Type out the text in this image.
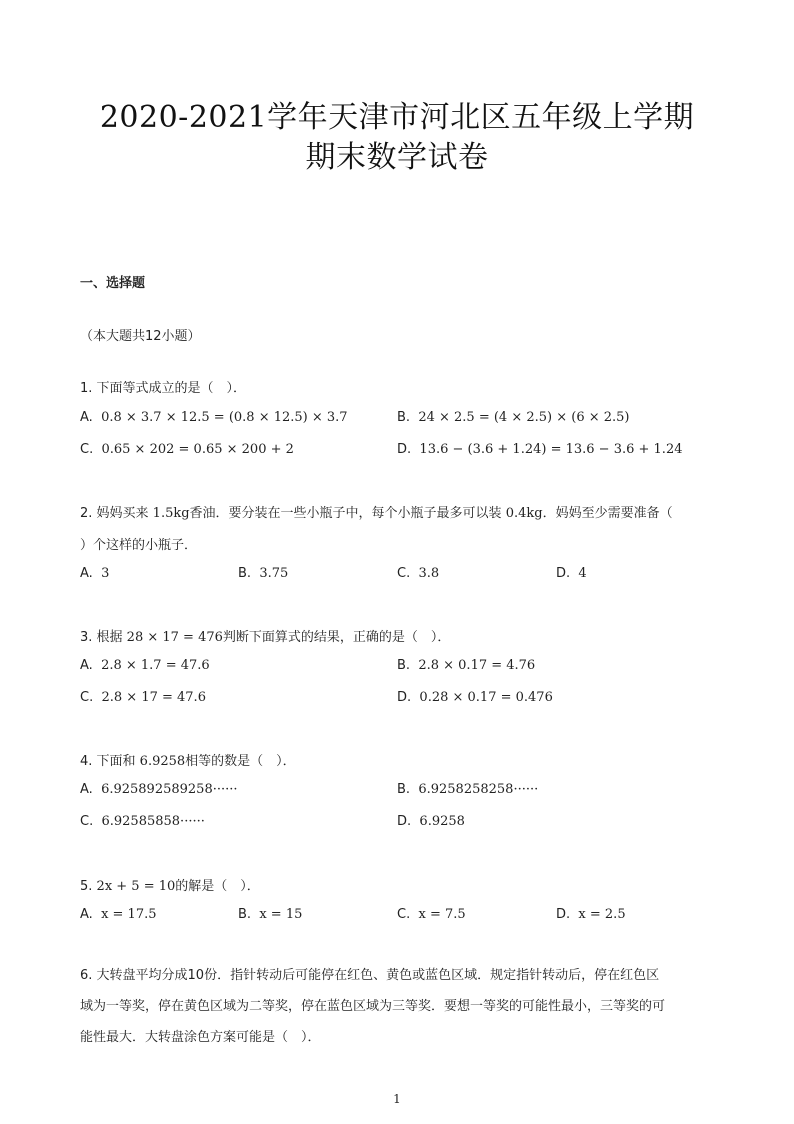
2020-2021学年天津市河北区五年级上学期
期末数学试卷
一、选择题
（本大题共12小题）
1. 下面等式成立的是（　）．
A. 0.8 × 3.7 × 12.5 = (0.8 × 12.5) × 3.7	B. 24 × 2.5 = (4 × 2.5) × (6 × 2.5)
C. 0.65 × 202 = 0.65 × 200 + 2	D. 13.6 − (3.6 + 1.24) = 13.6 − 3.6 + 1.24
2. 妈妈买来 1.5kg香油．要分装在一些小瓶子中，每个小瓶子最多可以装 0.4kg．妈妈至少需要准备（
）个这样的小瓶子．
A. 3	B. 3.75	C. 3.8	D. 4
3. 根据 28 × 17 = 476判断下面算式的结果，正确的是（　）．
A. 2.8 × 1.7 = 47.6	B. 2.8 × 0.17 = 4.76
C. 2.8 × 17 = 47.6	D. 0.28 × 0.17 = 0.476
4. 下面和 6.9258相等的数是（　）．
A. 6.925892589258······	B. 6.9258258258······
C. 6.92585858······	D. 6.9258
5. 2x + 5 = 10的解是（　）．
A. x = 17.5	B. x = 15	C. x = 7.5	D. x = 2.5
6. 大转盘平均分成10份．指针转动后可能停在红色、黄色或蓝色区域．规定指针转动后，停在红色区
域为一等奖，停在黄色区域为二等奖，停在蓝色区域为三等奖．要想一等奖的可能性最小，三等奖的可
能性最大．大转盘涂色方案可能是（　）．
1
